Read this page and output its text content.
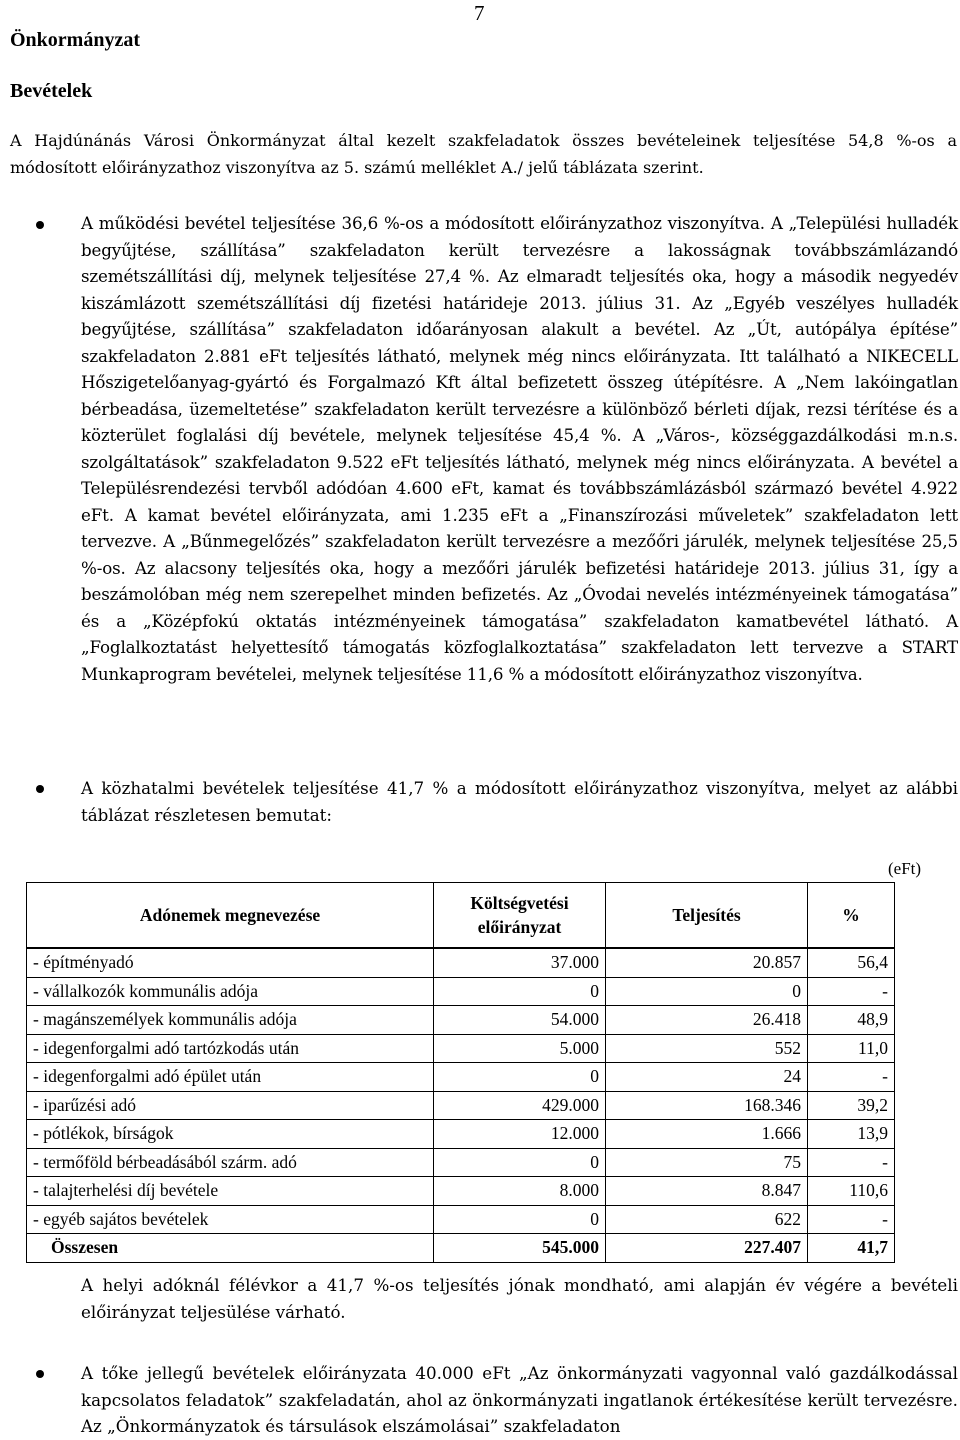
7
Önkormányzat
Bevételek
A Hajdúnánás Városi Önkormányzat által kezelt szakfeladatok összes bevételeinek teljesítése 54,8 %-os a módosított előirányzathoz viszonyítva az 5. számú melléklet A./ jelű táblázata szerint.
A működési bevétel teljesítése 36,6 %-os a módosított előirányzathoz viszonyítva. A „Települési hulladék begyűjtése, szállítása” szakfeladaton került tervezésre a lakosságnak továbbszámlázandó szemétszállítási díj, melynek teljesítése 27,4 %. Az elmaradt teljesítés oka, hogy a második negyedév kiszámlázott szemétszállítási díj fizetési határideje 2013. július 31. Az „Egyéb veszélyes hulladék begyűjtése, szállítása” szakfeladaton időarányosan alakult a bevétel. Az „Út, autópálya építése” szakfeladaton 2.881 eFt teljesítés látható, melynek még nincs előirányzata. Itt található a NIKECELL Hőszigetelőanyag-gyártó és Forgalmazó Kft által befizetett összeg útépítésre. A „Nem lakóingatlan bérbeadása, üzemeltetése” szakfeladaton került tervezésre a különböző bérleti díjak, rezsi térítése és a közterület foglalási díj bevétele, melynek teljesítése 45,4 %. A „Város-, községgazdálkodási m.n.s. szolgáltatások” szakfeladaton 9.522 eFt teljesítés látható, melynek még nincs előirányzata. A bevétel a Településrendezési tervből adódóan 4.600 eFt, kamat és továbbszámlázásból származó bevétel 4.922 eFt. A kamat bevétel előirányzata, ami 1.235 eFt a „Finanszírozási műveletek” szakfeladaton lett tervezve. A „Bűnmegelőzés” szakfeladaton került tervezésre a mezőőri járulék, melynek teljesítése 25,5 %-os. Az alacsony teljesítés oka, hogy a mezőőri járulék befizetési határideje 2013. július 31, így a beszámolóban még nem szerepelhet minden befizetés. Az „Óvodai nevelés intézményeinek támogatása” és a „Középfokú oktatás intézményeinek támogatása” szakfeladaton kamatbevétel látható. A „Foglalkoztatást helyettesítő támogatás közfoglalkoztatása” szakfeladaton lett tervezve a START Munkaprogram bevételei, melynek teljesítése 11,6 % a módosított előirányzathoz viszonyítva.
A közhatalmi bevételek teljesítése 41,7 % a módosított előirányzathoz viszonyítva, melyet az alábbi táblázat részletesen bemutat:
(eFt)
Adónemek megnevezése	Költségvetési előirányzat	Teljesítés	%
- építményadó	37.000	20.857	56,4
- vállalkozók kommunális adója	0	0	-
- magánszemélyek kommunális adója	54.000	26.418	48,9
- idegenforgalmi adó tartózkodás után	5.000	552	11,0
- idegenforgalmi adó épület után	0	24	-
- iparűzési adó	429.000	168.346	39,2
- pótlékok, bírságok	12.000	1.666	13,9
- termőföld bérbeadásából szárm. adó	0	75	-
- talajterhelési díj bevétele	8.000	8.847	110,6
- egyéb sajátos bevételek	0	622	-
Összesen	545.000	227.407	41,7
A helyi adóknál félévkor a 41,7 %-os teljesítés jónak mondható, ami alapján év végére a bevételi előirányzat teljesülése várható.
A tőke jellegű bevételek előirányzata 40.000 eFt „Az önkormányzati vagyonnal való gazdálkodással kapcsolatos feladatok” szakfeladatán, ahol az önkormányzati ingatlanok értékesítése került tervezésre. Az „Önkormányzatok és társulások elszámolásai” szakfeladaton
